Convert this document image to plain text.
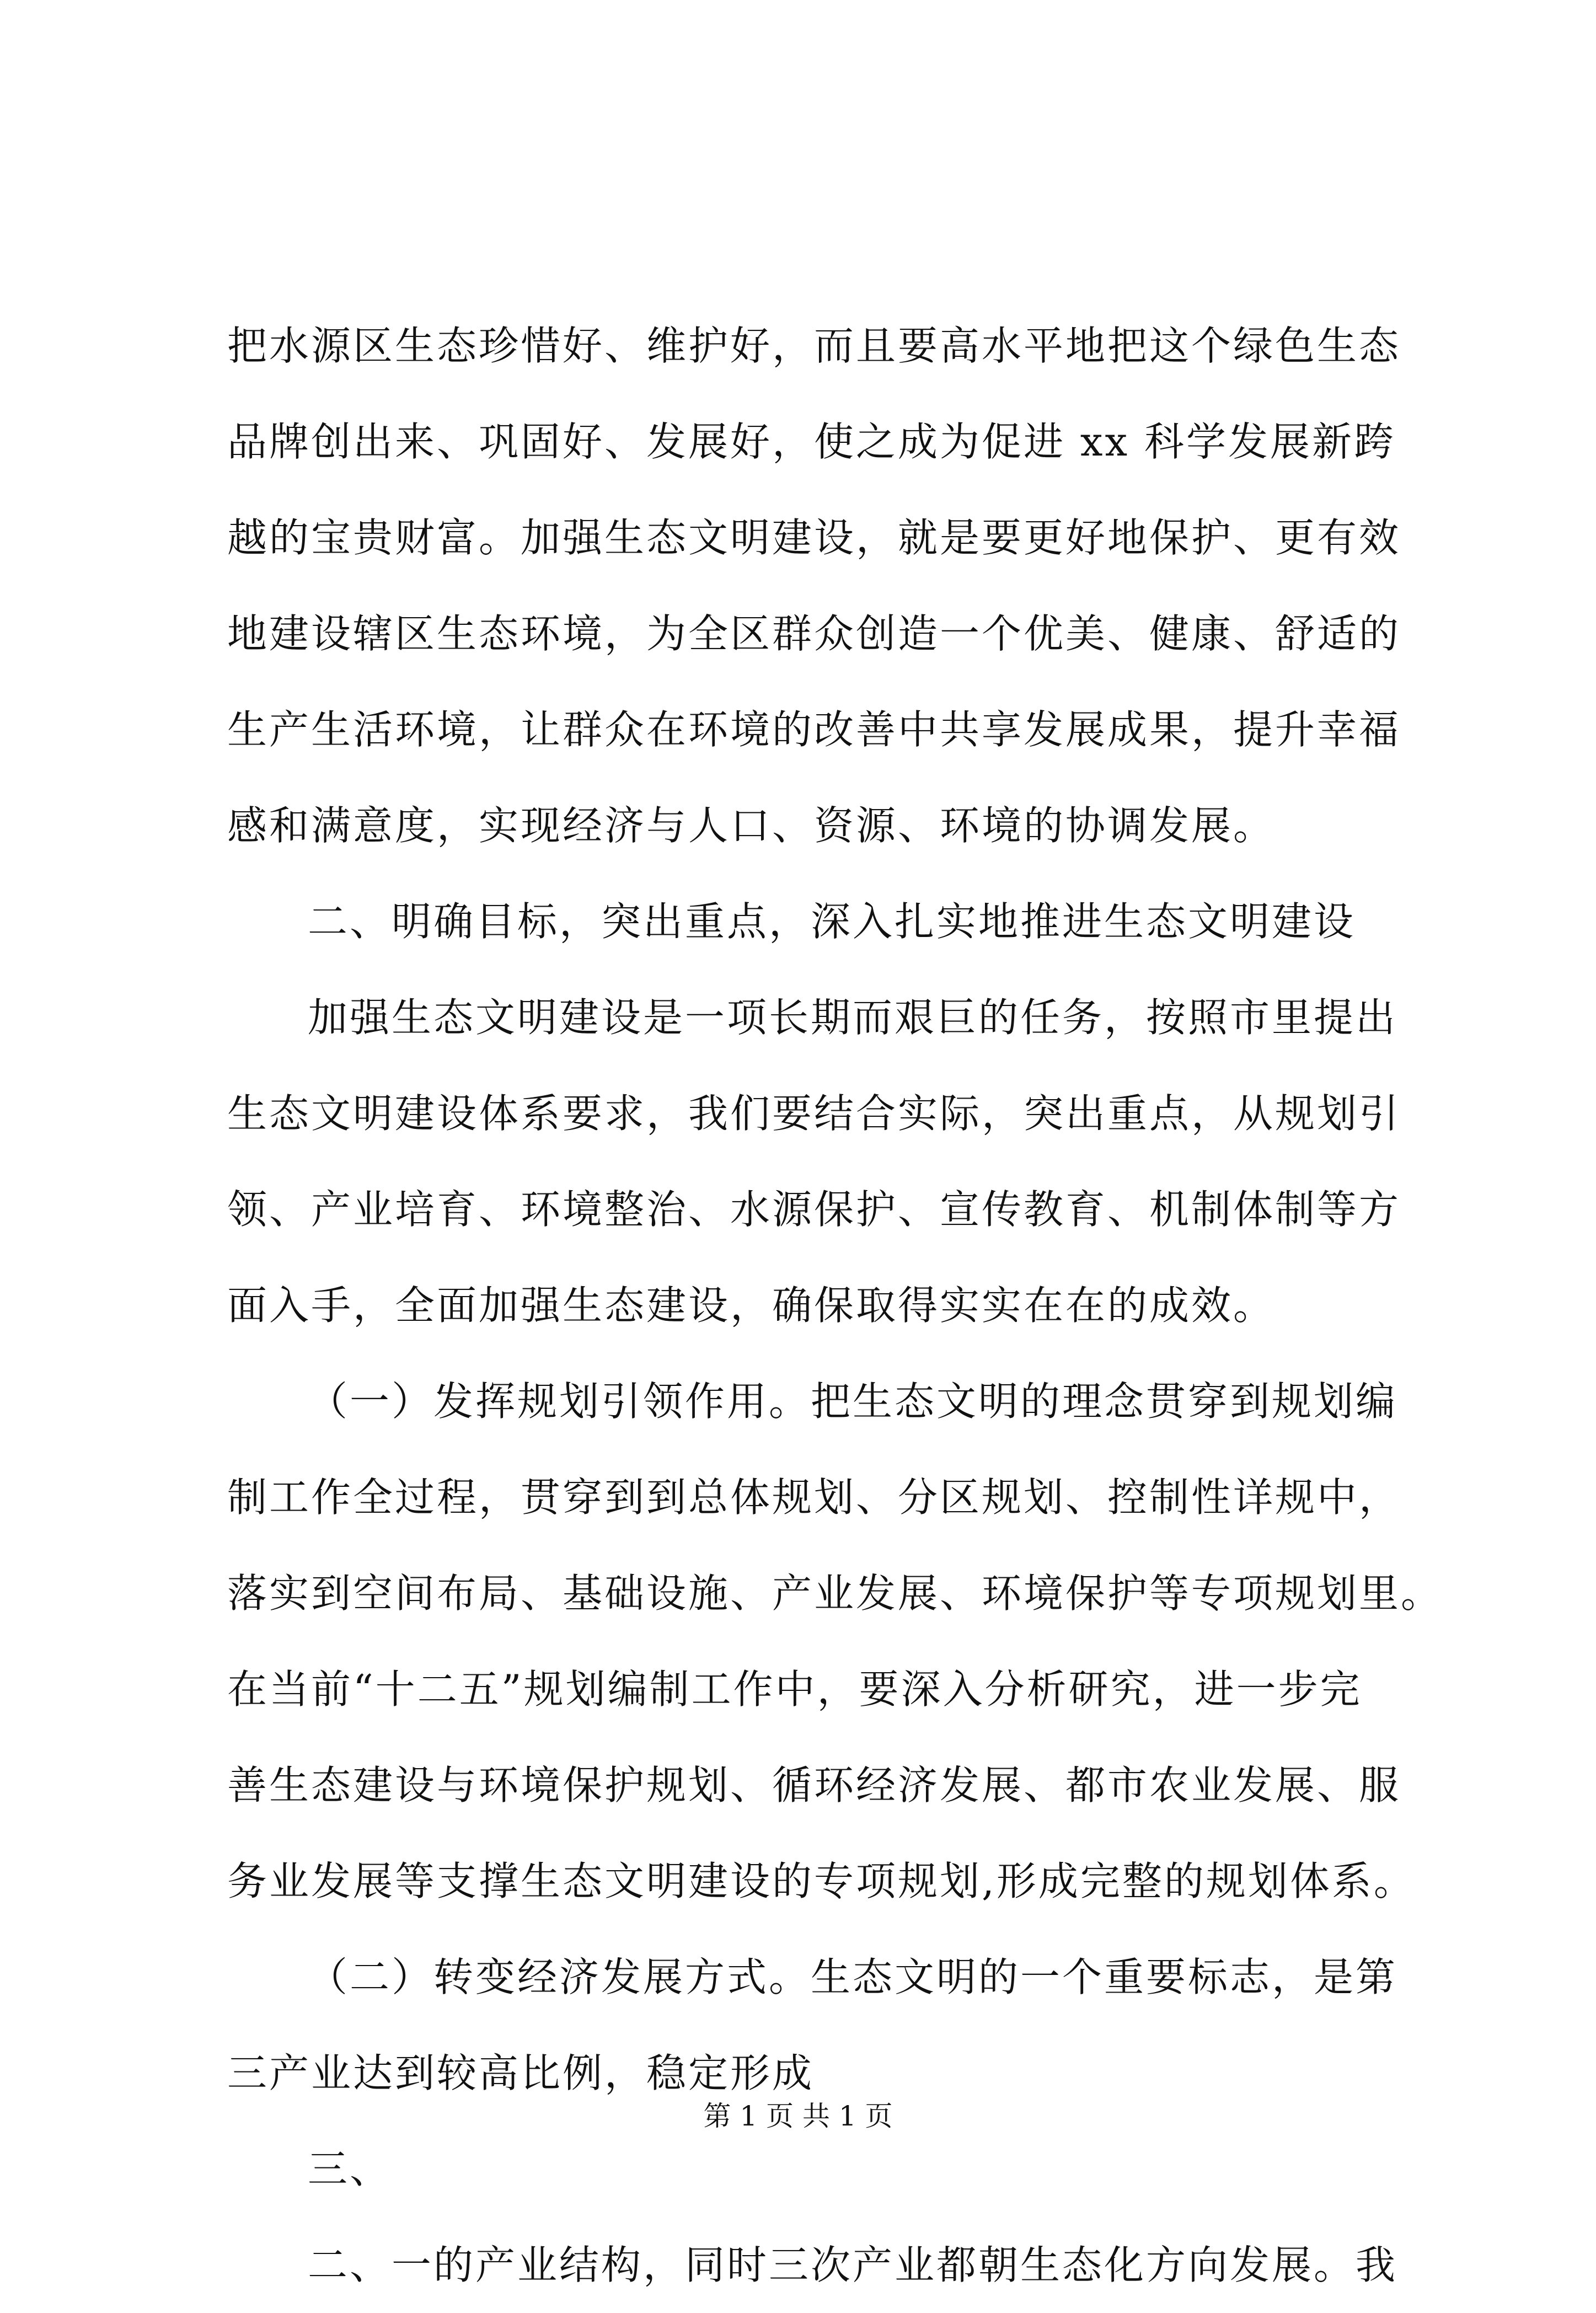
把水源区生态珍惜好、维护好，而且要高水平地把这个绿色生态
品牌创出来、巩固好、发展好，使之成为促进 xx 科学发展新跨
越的宝贵财富。加强生态文明建设，就是要更好地保护、更有效
地建设辖区生态环境，为全区群众创造一个优美、健康、舒适的
生产生活环境，让群众在环境的改善中共享发展成果，提升幸福
感和满意度，实现经济与人口、资源、环境的协调发展。
二、明确目标，突出重点，深入扎实地推进生态文明建设
加强生态文明建设是一项长期而艰巨的任务，按照市里提出
生态文明建设体系要求，我们要结合实际，突出重点，从规划引
领、产业培育、环境整治、水源保护、宣传教育、机制体制等方
面入手，全面加强生态建设，确保取得实实在在的成效。
（一）发挥规划引领作用。把生态文明的理念贯穿到规划编
制工作全过程，贯穿到到总体规划、分区规划、控制性详规中，
落实到空间布局、基础设施、产业发展、环境保护等专项规划里。
在当前“十二五”规划编制工作中，要深入分析研究，进一步完
善生态建设与环境保护规划、循环经济发展、都市农业发展、服
务业发展等支撑生态文明建设的专项规划,形成完整的规划体系。
（二）转变经济发展方式。生态文明的一个重要标志，是第
三产业达到较高比例，稳定形成
三、
二、一的产业结构，同时三次产业都朝生态化方向发展。我
第 1 页 共 1 页
